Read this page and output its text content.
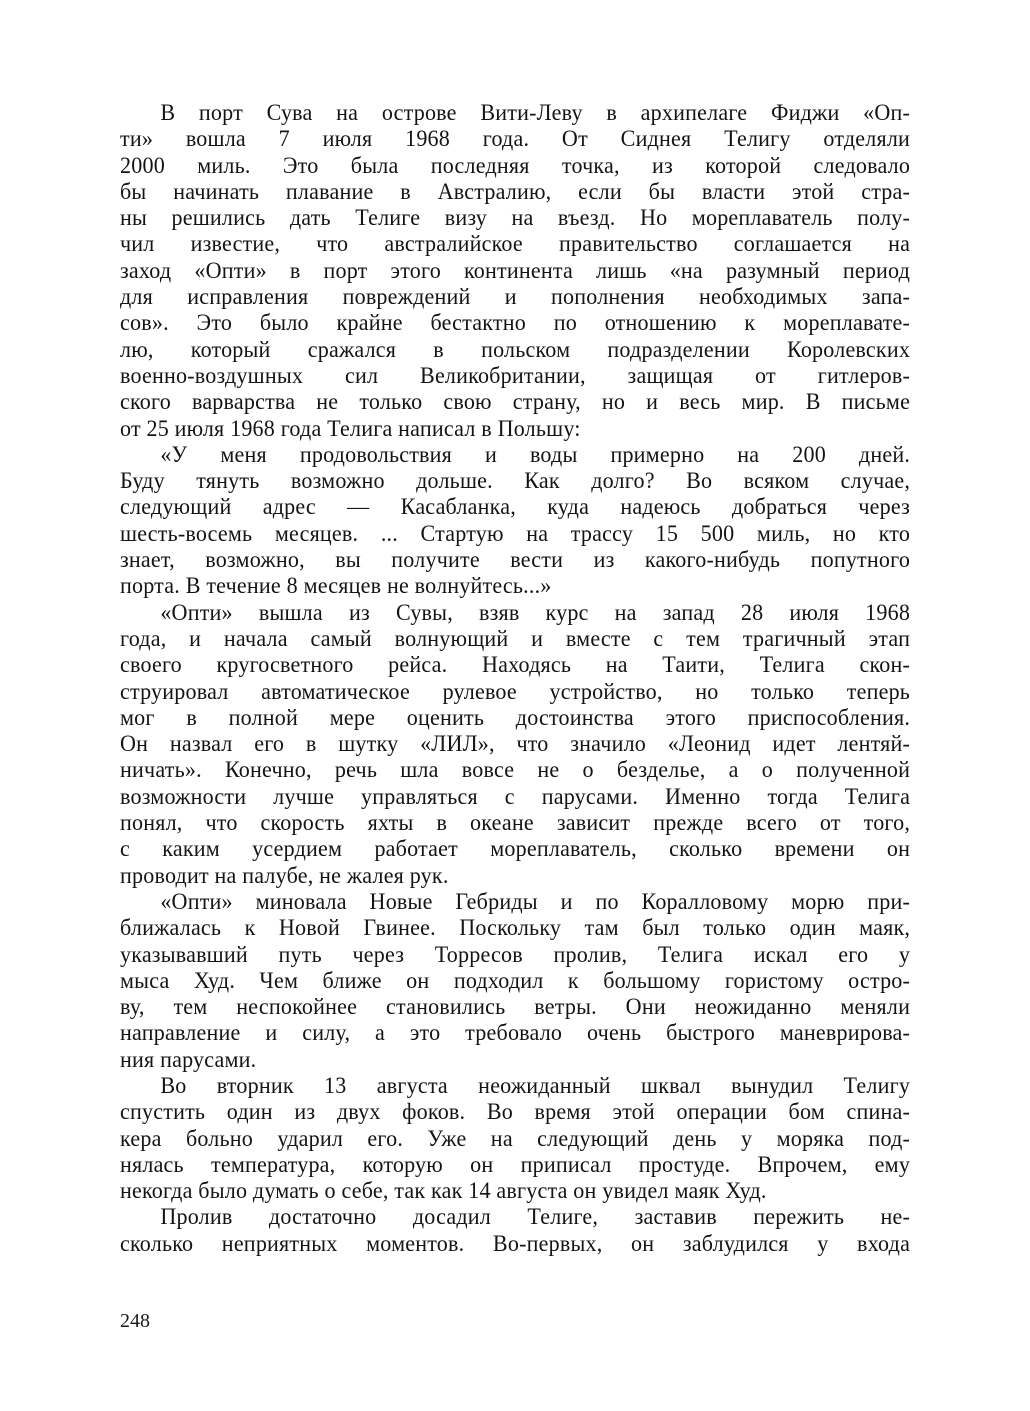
В порт Сува на острове Вити-Леву в архипелаге Фиджи «Оп-
ти» вошла 7 июля 1968 года. От Сиднея Телигу отделяли
2000 миль. Это была последняя точка, из которой следовало
бы начинать плавание в Австралию, если бы власти этой стра-
ны решились дать Телиге визу на въезд. Но мореплаватель полу-
чил известие, что австралийское правительство соглашается на
заход «Опти» в порт этого континента лишь «на разумный период
для исправления повреждений и пополнения необходимых запа-
сов». Это было крайне бестактно по отношению к мореплавате-
лю, который сражался в польском подразделении Королевских
военно-воздушных сил Великобритании, защищая от гитлеров-
ского варварства не только свою страну, но и весь мир. В письме
от 25 июля 1968 года Телига написал в Польшу:
«У меня продовольствия и воды примерно на 200 дней.
Буду тянуть возможно дольше. Как долго? Во всяком случае,
следующий адрес — Касабланка, куда надеюсь добраться через
шесть-восемь месяцев. ... Стартую на трассу 15 500 миль, но кто
знает, возможно, вы получите вести из какого-нибудь попутного
порта. В течение 8 месяцев не волнуйтесь...»
«Опти» вышла из Сувы, взяв курс на запад 28 июля 1968
года, и начала самый волнующий и вместе с тем трагичный этап
своего кругосветного рейса. Находясь на Таити, Телига скон-
струировал автоматическое рулевое устройство, но только теперь
мог в полной мере оценить достоинства этого приспособления.
Он назвал его в шутку «ЛИЛ», что значило «Леонид идет лентяй-
ничать». Конечно, речь шла вовсе не о безделье, а о полученной
возможности лучше управляться с парусами. Именно тогда Телига
понял, что скорость яхты в океане зависит прежде всего от того,
с каким усердием работает мореплаватель, сколько времени он
проводит на палубе, не жалея рук.
«Опти» миновала Новые Гебриды и по Коралловому морю при-
ближалась к Новой Гвинее. Поскольку там был только один маяк,
указывавший путь через Торресов пролив, Телига искал его у
мыса Худ. Чем ближе он подходил к большому гористому остро-
ву, тем неспокойнее становились ветры. Они неожиданно меняли
направление и силу, а это требовало очень быстрого маневрирова-
ния парусами.
Во вторник 13 августа неожиданный шквал вынудил Телигу
спустить один из двух фоков. Во время этой операции бом спина-
кера больно ударил его. Уже на следующий день у моряка под-
нялась температура, которую он приписал простуде. Впрочем, ему
некогда было думать о себе, так как 14 августа он увидел маяк Худ.
Пролив достаточно досадил Телиге, заставив пережить не-
сколько неприятных моментов. Во-первых, он заблудился у входа
248
